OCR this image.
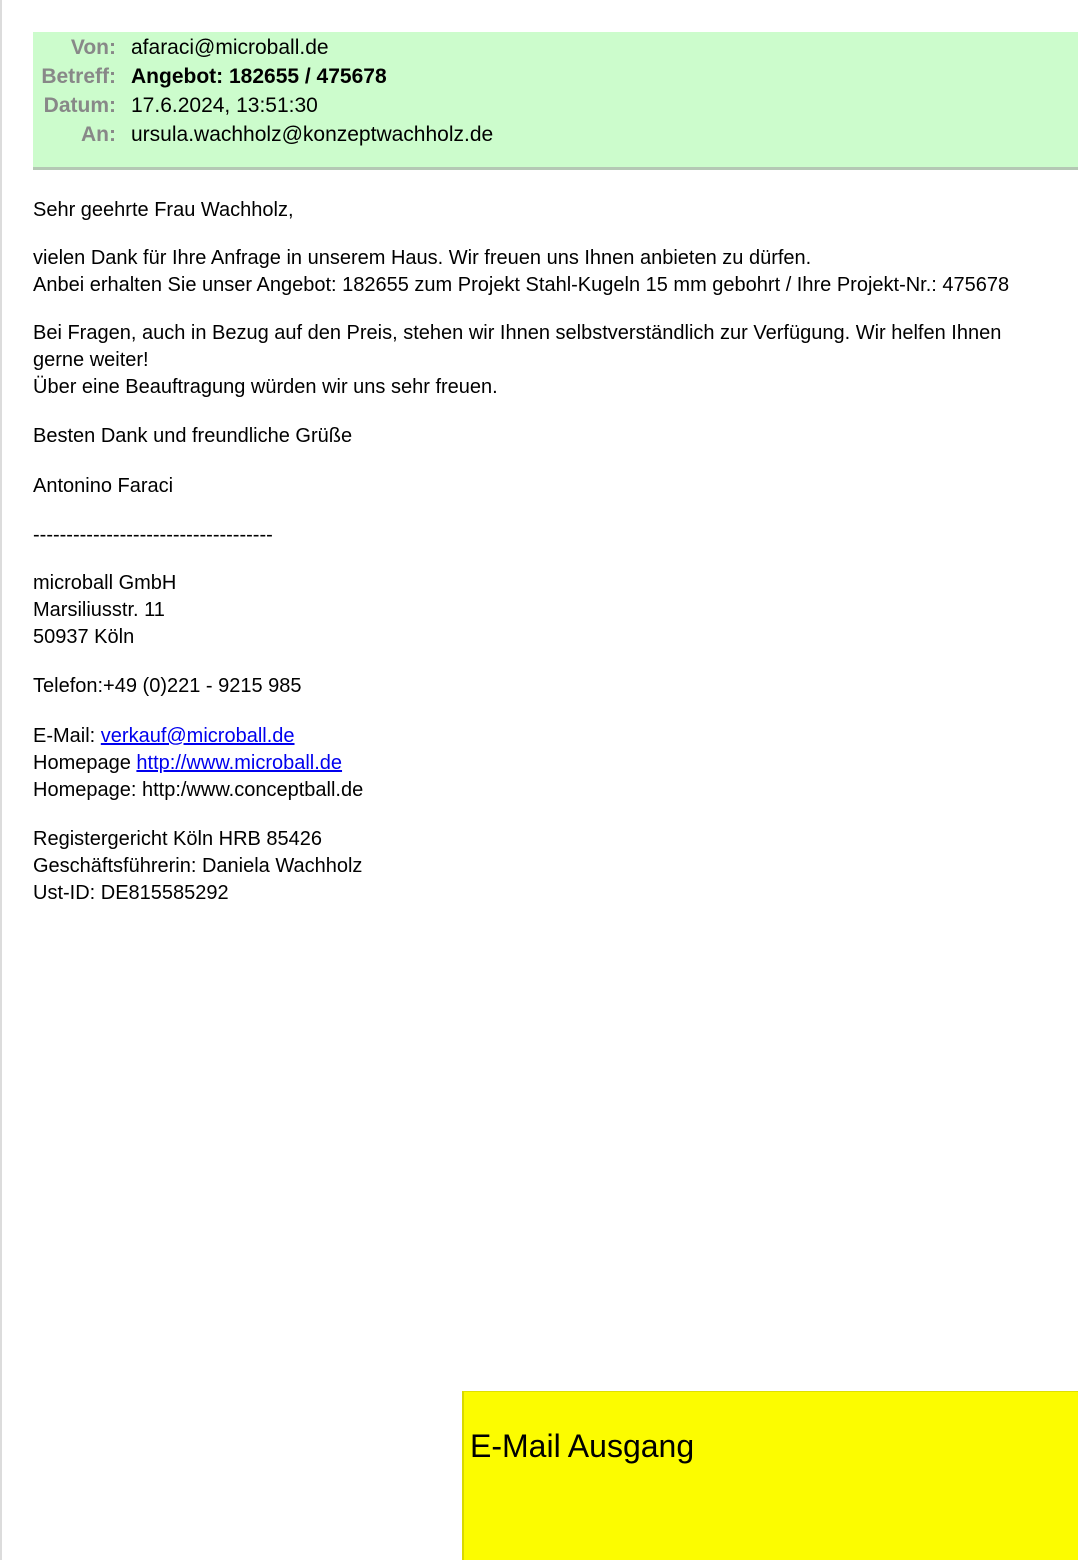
Von: afaraci@microball.de
Betreff: Angebot: 182655 / 475678
Datum: 17.6.2024, 13:51:30
An: ursula.wachholz@konzeptwachholz.de
Sehr geehrte Frau Wachholz,
vielen Dank für Ihre Anfrage in unserem Haus. Wir freuen uns Ihnen anbieten zu dürfen.
Anbei erhalten Sie unser Angebot: 182655 zum Projekt Stahl-Kugeln 15 mm gebohrt / Ihre Projekt-Nr.: 475678
Bei Fragen, auch in Bezug auf den Preis, stehen wir Ihnen selbstverständlich zur Verfügung. Wir helfen Ihnen
gerne weiter!
Über eine Beauftragung würden wir uns sehr freuen.
Besten Dank und freundliche Grüße
Antonino Faraci
------------------------------------
microball GmbH
Marsiliusstr. 11
50937 Köln
Telefon:+49 (0)221 - 9215 985
E-Mail: verkauf@microball.de
Homepage http://www.microball.de
Homepage: http:/www.conceptball.de
Registergericht Köln HRB 85426
Geschäftsführerin: Daniela Wachholz
Ust-ID: DE815585292
E-Mail Ausgang
